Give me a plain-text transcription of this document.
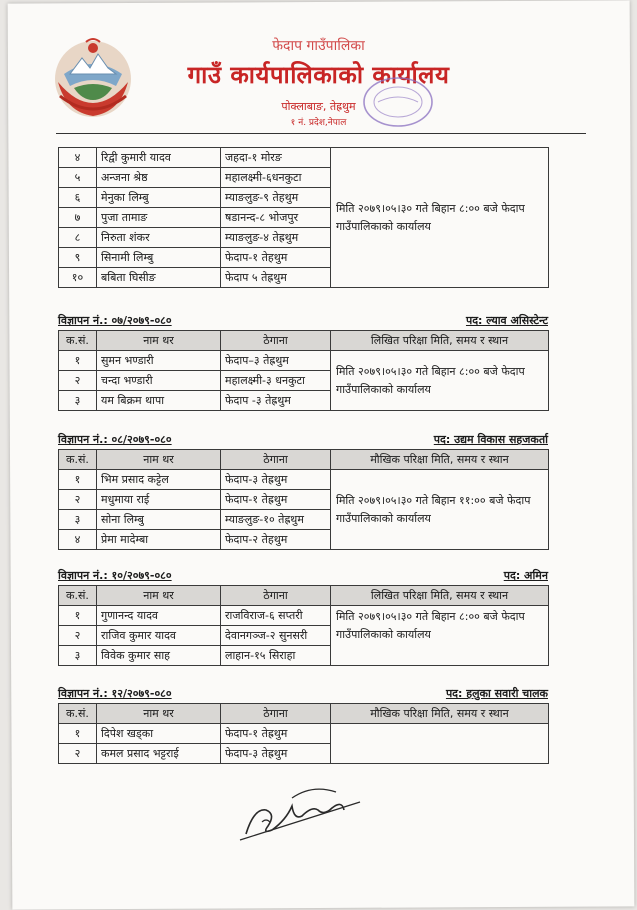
फेदाप गाउँपालिका
गाउँ कार्यपालिकाको कार्यालय
पोक्लाबाङ, तेह्रथुम
१ नं. प्रदेश,नेपाल
४	रिद्वी कुमारी यादव	जहदा-१ मोरङ	मिति २०७९।०५।३० गते बिहान ८:०० बजे फेदाप गाउँपालिकाको कार्यालय
५	अन्जना श्रेष्ठ	महालक्ष्मी-६धनकुटा	
६	मेनुका लिम्बु	म्याङलुङ-९ तेहथुम	
७	पुजा तामाङ	षडानन्द-८ भोजपुर	
८	निरुता शंकर	म्याङलुङ-४ तेह्रथुम	
९	सिनामी लिम्बु	फेदाप-१ तेहथुम	
१०	बबिता घिसीङ	फेदाप ५ तेह्रथुम	
विज्ञापन नं.: ०७/२०७९-०८०	पद: ल्याव असिस्टेन्ट
क.सं.	नाम थर	ठेगाना	लिखित परिक्षा मिति, समय र स्थान
१	सुमन भण्डारी	फेदाप–३ तेह्रथुम	मिति २०७९।०५।३० गते बिहान ८:०० बजे फेदाप गाउँपालिकाको कार्यालय
२	चन्दा भण्डारी	महालक्ष्मी-३ धनकुटा	
३	यम बिक्रम थापा	फेदाप -३ तेह्रथुम	
विज्ञापन नं.: ०८/२०७९-०८०	पद: उद्यम विकास सहजकर्ता
क.सं.	नाम थर	ठेगाना	मौखिक परिक्षा मिति, समय र स्थान
१	भिम प्रसाद कट्टेल	फेदाप-३ तेह्रथुम	मिति २०७९।०५।३० गते बिहान ११:०० बजे फेदाप गाउँपालिकाको कार्यालय
२	मधुमाया राई	फेदाप-१ तेह्रथुम	
३	सोना लिम्बु	म्याङलुङ-१० तेह्रथुम	
४	प्रेमा मादेम्बा	फेदाप-२ तेहथुम	
विज्ञापन नं.: १०/२०७९-०८०	पद: अमिन
क.सं.	नाम थर	ठेगाना	लिखित परिक्षा मिति, समय र स्थान
१	गुणानन्द यादव	राजविराज-६ सप्तरी	मिति २०७९।०५।३० गते बिहान ८:०० बजे फेदाप गाउँपालिकाको कार्यालय
२	राजिव कुमार यादव	देवानगञ्ज-२ सुनसरी	
३	विवेक कुमार साह	लाहान-१५ सिराहा	
विज्ञापन नं.: १२/२०७९-०८०	पद: हलुका सवारी चालक
क.सं.	नाम थर	ठेगाना	मौखिक परिक्षा मिति, समय र स्थान
१	दिपेश खड्का	फेदाप-१ तेह्रथुम	
२	कमल प्रसाद भट्टराई	फेदाप-३ तेह्रथुम	
